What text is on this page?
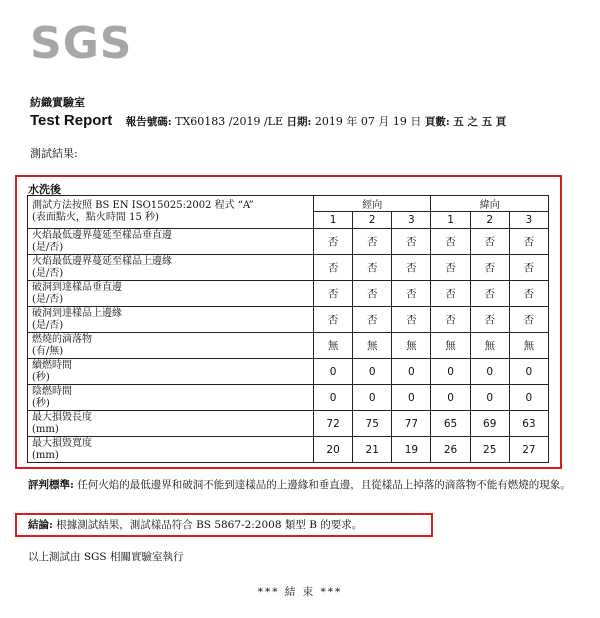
SGS
紡織實驗室
Test Report 報告號碼: TX60183 /2019 /LE 日期: 2019 年 07 月 19 日 頁數: 五 之 五 頁
測試結果:
水洗後
測試方法按照 BS EN ISO15025:2002 程式 “A”
(表面點火，點火時間 15 秒)	經向			緯向		
	1	2	3	1	2	3

火焰最低邊界蔓延至樣品垂直邊
(是/否)	否	否	否	否	否	否

火焰最低邊界蔓延至樣品上邊緣
(是/否)	否	否	否	否	否	否

破洞到達樣品垂直邊
(是/否)	否	否	否	否	否	否

破洞到達樣品上邊緣
(是/否)	否	否	否	否	否	否

燃燒的滴落物
(有/無)	無	無	無	無	無	無

續燃時間
(秒)	0	0	0	0	0	0

陰燃時間
(秒)	0	0	0	0	0	0

最大損毀長度
(mm)	72	75	77	65	69	63

最大損毀寬度
(mm)	20	21	19	26	25	27
評判標準: 任何火焰的最低邊界和破洞不能到達樣品的上邊緣和垂直邊，且從樣品上掉落的滴落物不能有燃燒的現象。
結論: 根據測試結果，測試樣品符合 BS 5867-2:2008 類型 B 的要求。
以上測試由 SGS 相關實驗室執行
*** 結 束 ***
